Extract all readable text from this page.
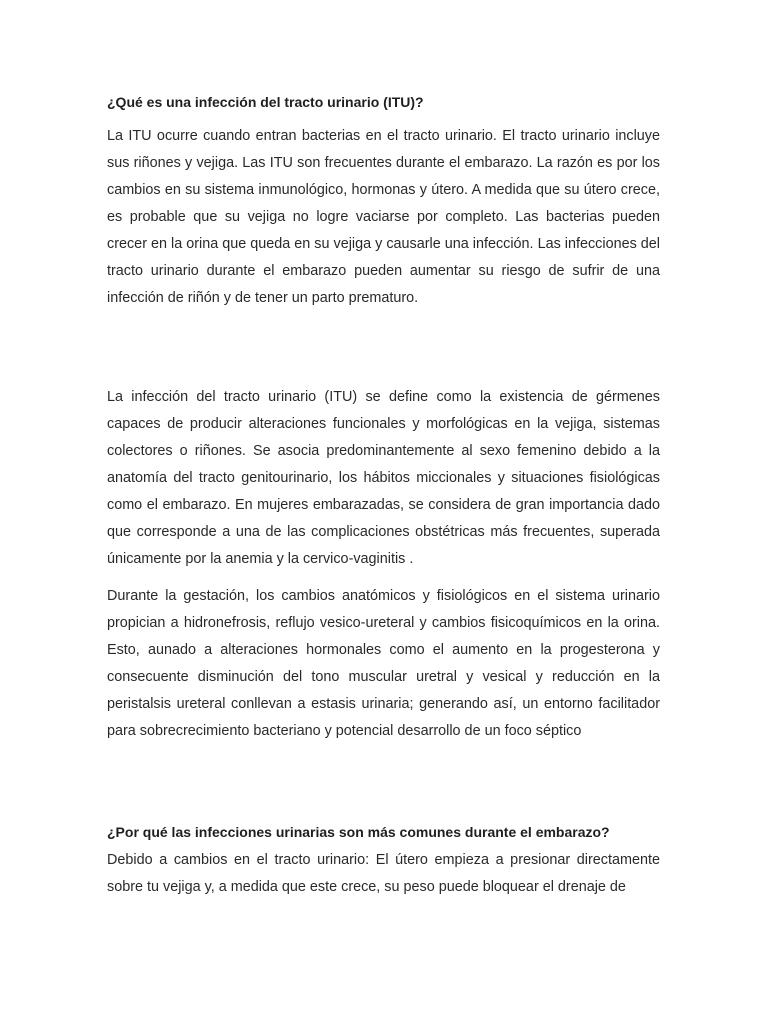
¿Qué es una infección del tracto urinario (ITU)?

La ITU ocurre cuando entran bacterias en el tracto urinario. El tracto urinario incluye sus riñones y vejiga. Las ITU son frecuentes durante el embarazo. La razón es por los cambios en su sistema inmunológico, hormonas y útero. A medida que su útero crece, es probable que su vejiga no logre vaciarse por completo. Las bacterias pueden crecer en la orina que queda en su vejiga y causarle una infección. Las infecciones del tracto urinario durante el embarazo pueden aumentar su riesgo de sufrir de una infección de riñón y de tener un parto prematuro.

La infección del tracto urinario (ITU) se define como la existencia de gérmenes capaces de producir alteraciones funcionales y morfológicas en la vejiga, sistemas colectores o riñones. Se asocia predominantemente al sexo femenino debido a la anatomía del tracto genitourinario, los hábitos miccionales y situaciones fisiológicas como el embarazo. En mujeres embarazadas, se considera de gran importancia dado que corresponde a una de las complicaciones obstétricas más frecuentes, superada únicamente por la anemia y la cervico-vaginitis .

Durante la gestación, los cambios anatómicos y fisiológicos en el sistema urinario propician a hidronefrosis, reflujo vesico-ureteral y cambios fisicoquímicos en la orina. Esto, aunado a alteraciones hormonales como el aumento en la progesterona y consecuente disminución del tono muscular uretral y vesical y reducción en la peristalsis ureteral conllevan a estasis urinaria; generando así, un entorno facilitador para sobrecrecimiento bacteriano y potencial desarrollo de un foco séptico

¿Por qué las infecciones urinarias son más comunes durante el embarazo?

Debido a cambios en el tracto urinario: El útero empieza a presionar directamente sobre tu vejiga y, a medida que este crece, su peso puede bloquear el drenaje de
